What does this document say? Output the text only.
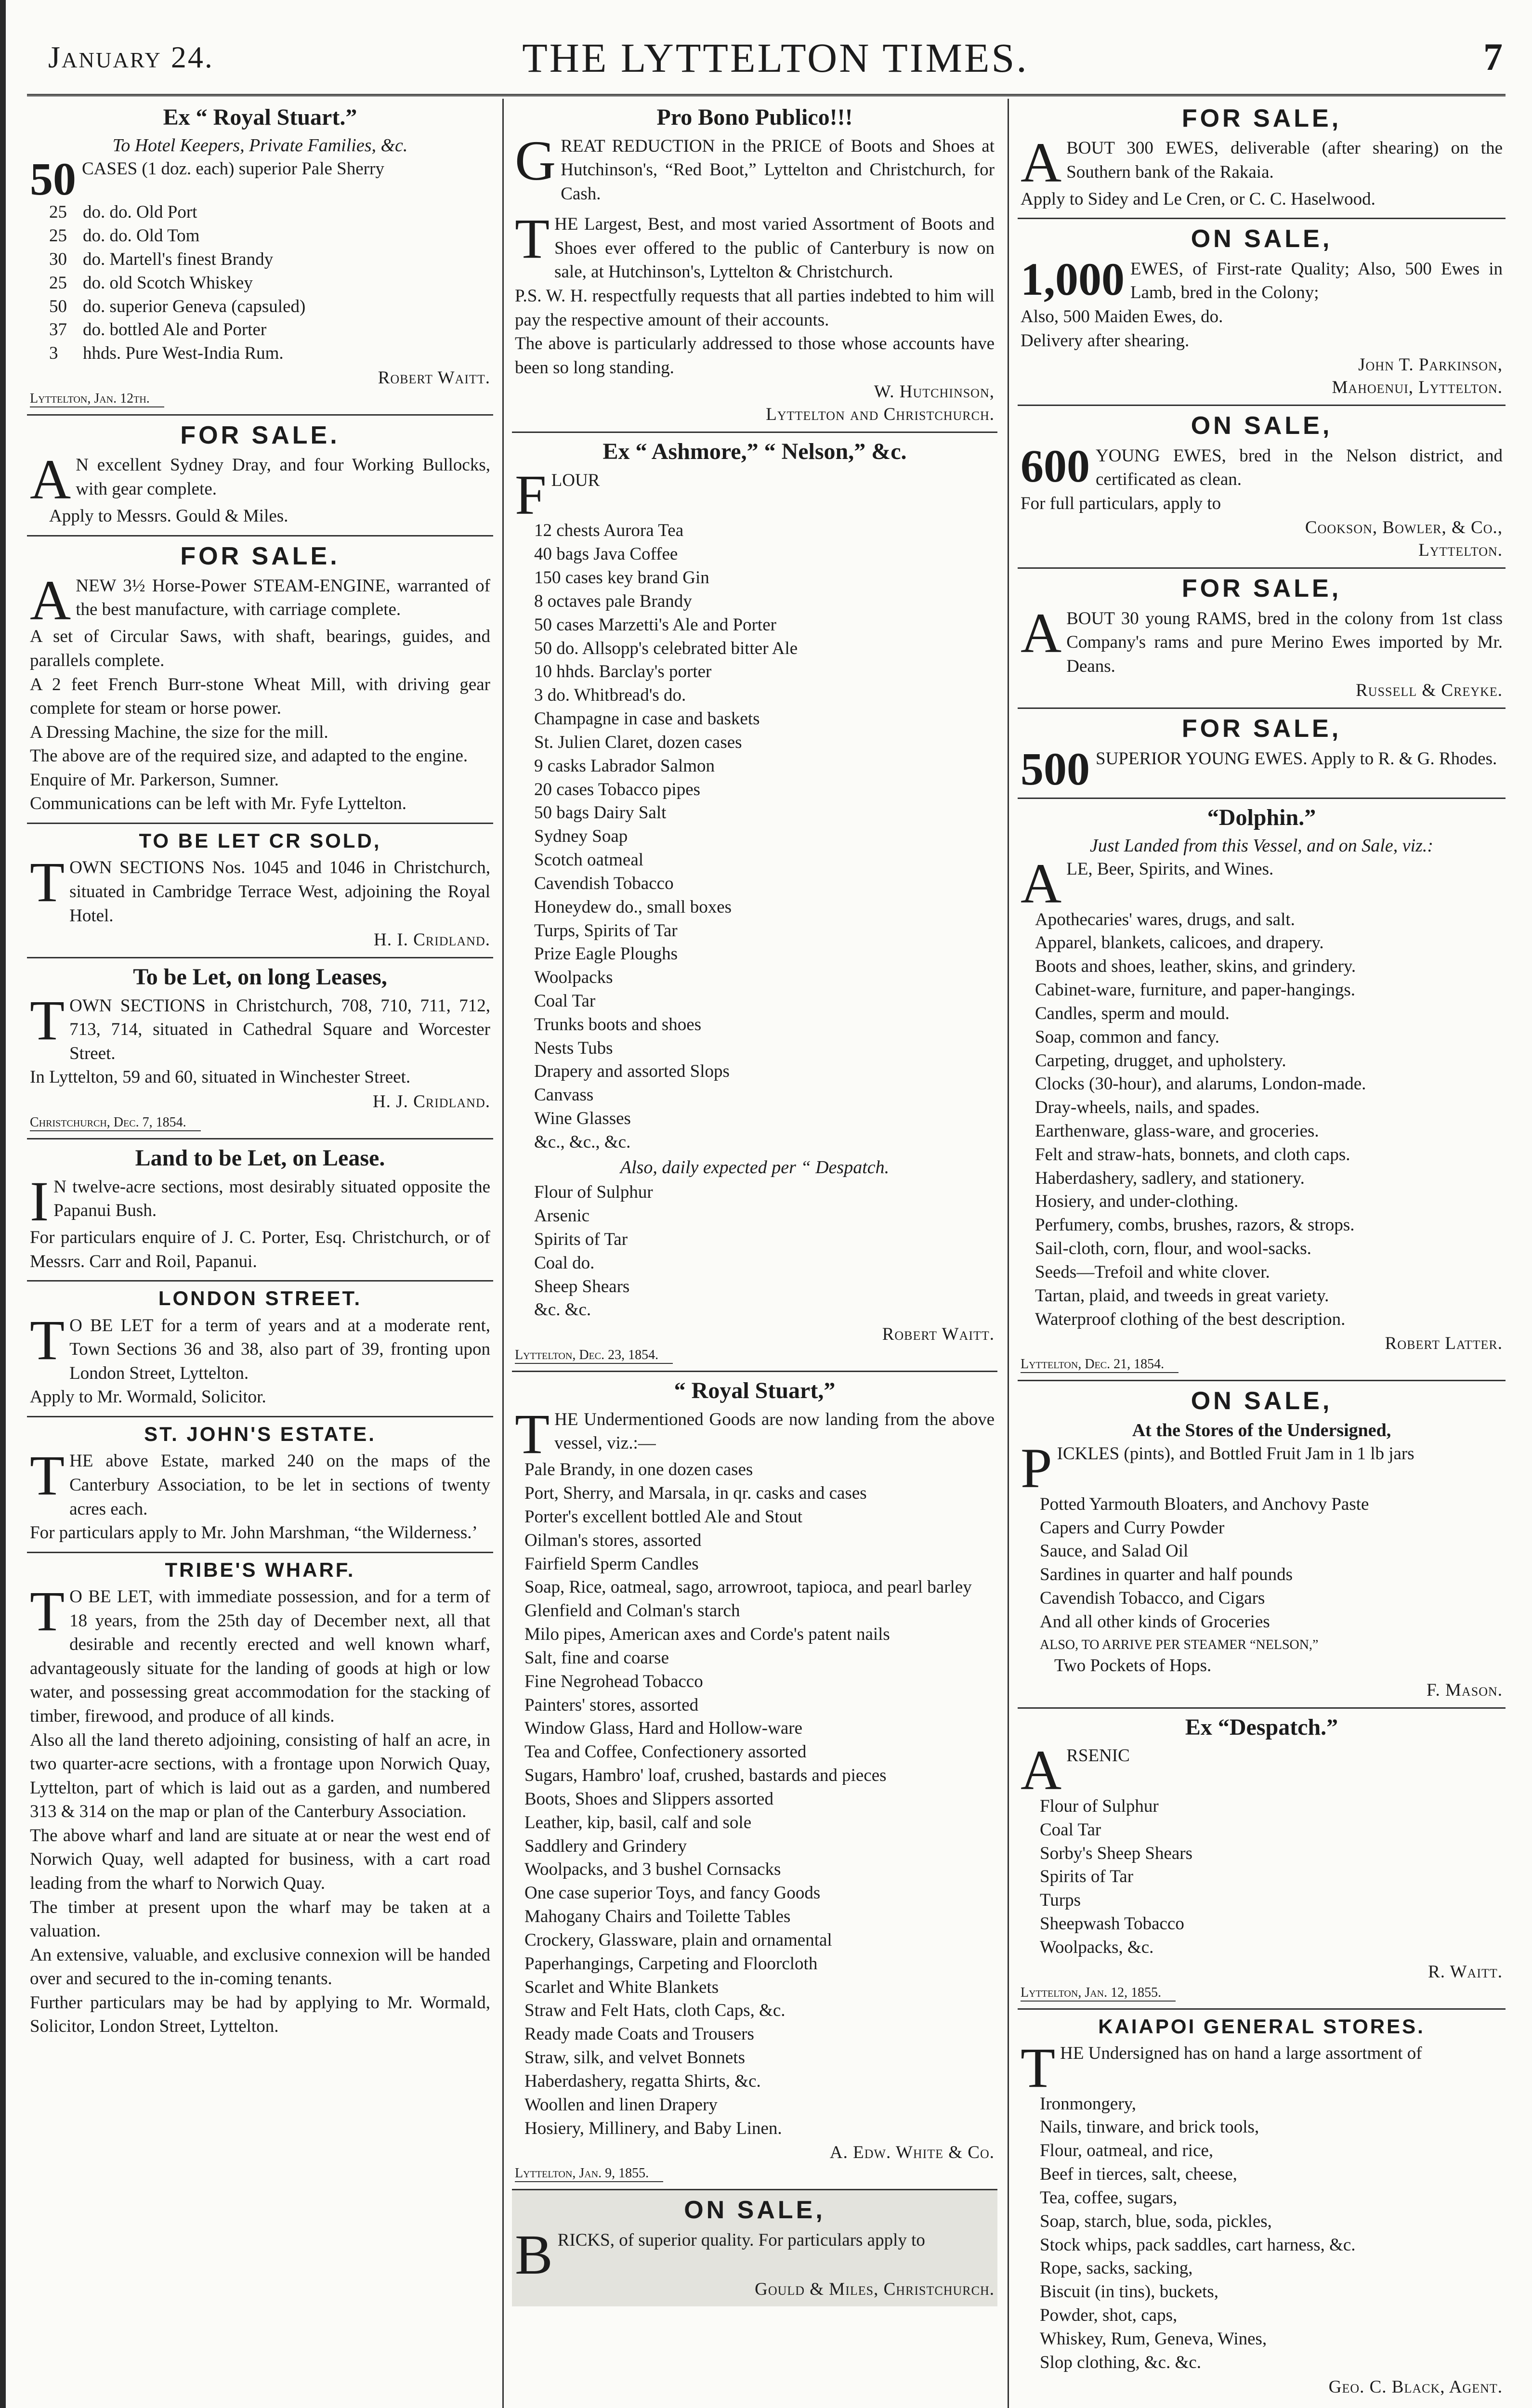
January 24.	THE LYTTELTON TIMES.	7
Ex “ Royal Stuart.”
To Hotel Keepers, Private Families, &c.

50 CASES (1 doz. each) superior Pale Sherry

25 do. do. Old Port
25 do. do. Old Tom
30 do. Martell's finest Brandy
25 do. old Scotch Whiskey
50 do. superior Geneva (capsuled)
37 do. bottled Ale and Porter
3 hhds. Pure West-India Rum.
Robert Waitt.
Lyttelton, Jan. 12th.
FOR SALE.

A N excellent Sydney Dray, and four Working Bullocks, with gear complete.

Apply to Messrs. Gould & Miles.

FOR SALE.

ANEW 3½ Horse-Power STEAM-ENGINE, warranted of the best manufacture, with carriage complete.

A set of Circular Saws, with shaft, bearings, guides, and parallels complete.

A 2 feet French Burr-stone Wheat Mill, with driving gear complete for steam or horse power.

A Dressing Machine, the size for the mill.

The above are of the required size, and adapted to the engine.

Enquire of Mr. Parkerson, Sumner.

Communications can be left with Mr. Fyfe Lyttelton.

TO BE LET CR SOLD,

TOWN SECTIONS Nos. 1045 and 1046 in Christchurch, situated in Cambridge Terrace West, adjoining the Royal Hotel.

H. I. Cridland.
To be Let, on long Leases,

TOWN SECTIONS in Christchurch, 708, 710, 711, 712, 713, 714, situated in Cathedral Square and Worcester Street.

In Lyttelton, 59 and 60, situated in Winchester Street.

H. J. Cridland.
Christchurch, Dec. 7, 1854.
Land to be Let, on Lease.

I N twelve-acre sections, most desirably situated opposite the Papanui Bush.

For particulars enquire of J. C. Porter, Esq. Christchurch, or of Messrs. Carr and Roil, Papanui.

LONDON STREET.

T O BE LET for a term of years and at a moderate rent, Town Sections 36 and 38, also part of 39, fronting upon London Street, Lyttelton.

Apply to Mr. Wormald, Solicitor.

ST. JOHN'S ESTATE.

THE above Estate, marked 240 on the maps of the Canterbury Association, to be let in sections of twenty acres each.

For particulars apply to Mr. John Marshman, “the Wilderness.’

TRIBE'S WHARF.

T O BE LET, with immediate possession, and for a term of 18 years, from the 25th day of December next, all that desirable and recently erected and well known wharf, advantageously situate for the landing of goods at high or low water, and possessing great accommodation for the stacking of timber, firewood, and produce of all kinds.

Also all the land thereto adjoining, consisting of half an acre, in two quarter-acre sections, with a frontage upon Norwich Quay, Lyttelton, part of which is laid out as a garden, and numbered 313 & 314 on the map or plan of the Canterbury Association.

The above wharf and land are situate at or near the west end of Norwich Quay, well adapted for business, with a cart road leading from the wharf to Norwich Quay.

The timber at present upon the wharf may be taken at a valuation.

An extensive, valuable, and exclusive connexion will be handed over and secured to the in-coming tenants.

Further particulars may be had by applying to Mr. Wormald, Solicitor, London Street, Lyttelton.

Pro Bono Publico!!!

GREAT REDUCTION in the PRICE of Boots and Shoes at Hutchinson's, “Red Boot,” Lyttelton and Christchurch, for Cash.

THE Largest, Best, and most varied Assortment of Boots and Shoes ever offered to the public of Canterbury is now on sale, at Hutchinson's, Lyttelton & Christchurch.

P.S. W. H. respectfully requests that all parties indebted to him will pay the respective amount of their accounts.

The above is particularly addressed to those whose accounts have been so long standing.

W. Hutchinson,
Lyttelton and Christchurch.
Ex “ Ashmore,” “ Nelson,” &c.

FLOUR

12 chests Aurora Tea
40 bags Java Coffee
150 cases key brand Gin
8 octaves pale Brandy
50 cases Marzetti's Ale and Porter
50 do. Allsopp's celebrated bitter Ale
10 hhds. Barclay's porter
3 do. Whitbread's do.
Champagne in case and baskets
St. Julien Claret, dozen cases
9 casks Labrador Salmon
20 cases Tobacco pipes
50 bags Dairy Salt
Sydney Soap
Scotch oatmeal
Cavendish Tobacco
Honeydew do., small boxes
Turps, Spirits of Tar
Prize Eagle Ploughs
Woolpacks
Coal Tar
Trunks boots and shoes
Nests Tubs
Drapery and assorted Slops
Canvass
Wine Glasses
&c., &c., &c.
Also, daily expected per “ Despatch.
Flour of Sulphur
Arsenic
Spirits of Tar
Coal do.
Sheep Shears
&c. &c.
Robert Waitt.
Lyttelton, Dec. 23, 1854.
“ Royal Stuart,”

THE Undermentioned Goods are now landing from the above vessel, viz.:—

Pale Brandy, in one dozen cases
Port, Sherry, and Marsala, in qr. casks and cases
Porter's excellent bottled Ale and Stout
Oilman's stores, assorted
Fairfield Sperm Candles
Soap, Rice, oatmeal, sago, arrowroot, tapioca, and pearl barley
Glenfield and Colman's starch
Milo pipes, American axes and Corde's patent nails
Salt, fine and coarse
Fine Negrohead Tobacco
Painters' stores, assorted
Window Glass, Hard and Hollow-ware
Tea and Coffee, Confectionery assorted
Sugars, Hambro' loaf, crushed, bastards and pieces
Boots, Shoes and Slippers assorted
Leather, kip, basil, calf and sole
Saddlery and Grindery
Woolpacks, and 3 bushel Cornsacks
One case superior Toys, and fancy Goods
Mahogany Chairs and Toilette Tables
Crockery, Glassware, plain and ornamental
Paperhangings, Carpeting and Floorcloth
Scarlet and White Blankets
Straw and Felt Hats, cloth Caps, &c.
Ready made Coats and Trousers
Straw, silk, and velvet Bonnets
Haberdashery, regatta Shirts, &c.
Woollen and linen Drapery
Hosiery, Millinery, and Baby Linen.
A. Edw. White & Co.
Lyttelton, Jan. 9, 1855.
ON SALE,

BRICKS, of superior quality. For particulars apply to

Gould & Miles, Christchurch.
FOR SALE,

ABOUT 300 EWES, deliverable (after shearing) on the Southern bank of the Rakaia.

Apply to Sidey and Le Cren, or C. C. Haselwood.

ON SALE,

1,000 EWES, of First-rate Quality; Also, 500 Ewes in Lamb, bred in the Colony;

Also, 500 Maiden Ewes, do.

Delivery after shearing.

John T. Parkinson,
Mahoenui, Lyttelton.
ON SALE,

600 YOUNG EWES, bred in the Nelson district, and certificated as clean.

For full particulars, apply to

Cookson, Bowler, & Co.,
Lyttelton.
FOR SALE,

ABOUT 30 young RAMS, bred in the colony from 1st class Company's rams and pure Merino Ewes imported by Mr. Deans.

Russell & Creyke.
FOR SALE,

500 SUPERIOR YOUNG EWES. Apply to R. & G. Rhodes.

“Dolphin.”
Just Landed from this Vessel, and on Sale, viz.:

ALE, Beer, Spirits, and Wines.

Apothecaries' wares, drugs, and salt.
Apparel, blankets, calicoes, and drapery.
Boots and shoes, leather, skins, and grindery.
Cabinet-ware, furniture, and paper-hangings.
Candles, sperm and mould.
Soap, common and fancy.
Carpeting, drugget, and upholstery.
Clocks (30-hour), and alarums, London-made.
Dray-wheels, nails, and spades.
Earthenware, glass-ware, and groceries.
Felt and straw-hats, bonnets, and cloth caps.
Haberdashery, sadlery, and stationery.
Hosiery, and under-clothing.
Perfumery, combs, brushes, razors, & strops.
Sail-cloth, corn, flour, and wool-sacks.
Seeds—Trefoil and white clover.
Tartan, plaid, and tweeds in great variety.
Waterproof clothing of the best description.
Robert Latter.
Lyttelton, Dec. 21, 1854.
ON SALE,
At the Stores of the Undersigned,

PICKLES (pints), and Bottled Fruit Jam in 1 lb jars

Potted Yarmouth Bloaters, and Anchovy Paste
Capers and Curry Powder
Sauce, and Salad Oil
Sardines in quarter and half pounds
Cavendish Tobacco, and Cigars
And all other kinds of Groceries

ALSO, TO ARRIVE PER STEAMER “NELSON,”

Two Pockets of Hops.

F. Mason.
Ex “Despatch.”

ARSENIC

Flour of Sulphur
Coal Tar
Sorby's Sheep Shears
Spirits of Tar
Turps
Sheepwash Tobacco
Woolpacks, &c.
R. Waitt.
Lyttelton, Jan. 12, 1855.
KAIAPOI GENERAL STORES.

THE Undersigned has on hand a large assortment of

Ironmongery,
Nails, tinware, and brick tools,
Flour, oatmeal, and rice,
Beef in tierces, salt, cheese,
Tea, coffee, sugars,
Soap, starch, blue, soda, pickles,
Stock whips, pack saddles, cart harness, &c.
Rope, sacks, sacking,
Biscuit (in tins), buckets,
Powder, shot, caps,
Whiskey, Rum, Geneva, Wines,
Slop clothing, &c. &c.
Geo. C. Black, Agent.
